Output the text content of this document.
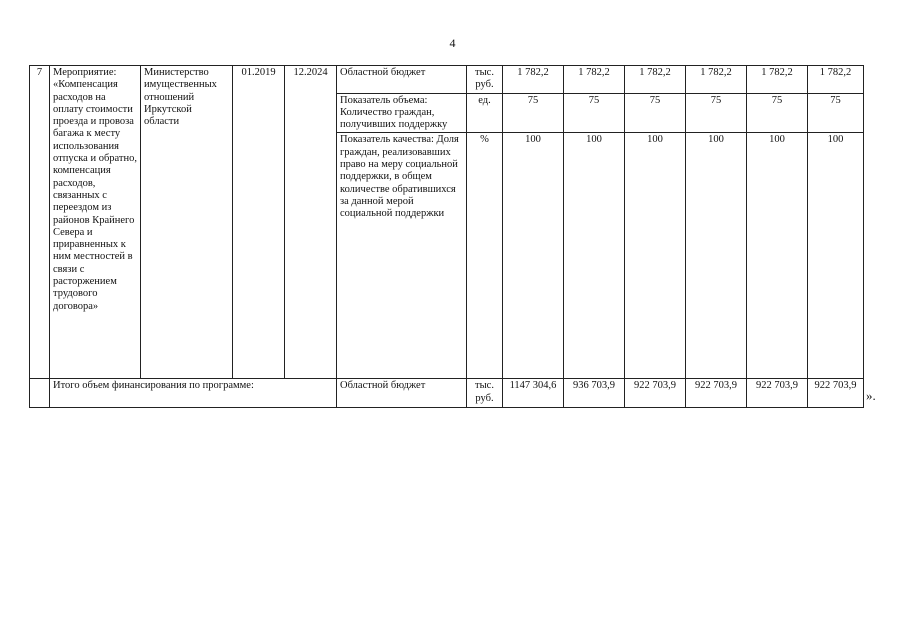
4
7	Мероприятие: «Компенсация расходов на оплату стоимости проезда и провоза багажа к месту использования отпуска и обратно, компенсация расходов, связанных с переездом из районов Крайнего Севера и приравненных к ним местностей в связи с расторжением трудового договора»	Министерство имущественных отношений Иркутской области	01.2019	12.2024	Областной бюджет	тыс. руб.	1 782,2	1 782,2	1 782,2	1 782,2	1 782,2	1 782,2
					Показатель объема: Количество граждан, получивших поддержку	ед.	75	75	75	75	75	75
					Показатель качества: Доля граждан, реализовавших право на меру социальной поддержки, в общем количестве обратившихся за данной мерой социальной поддержки	%	100	100	100	100	100	100
	Итого объем финансирования по программе:				Областной бюджет	тыс. руб.	1147 304,6	936 703,9	922 703,9	922 703,9	922 703,9	922 703,9
».
